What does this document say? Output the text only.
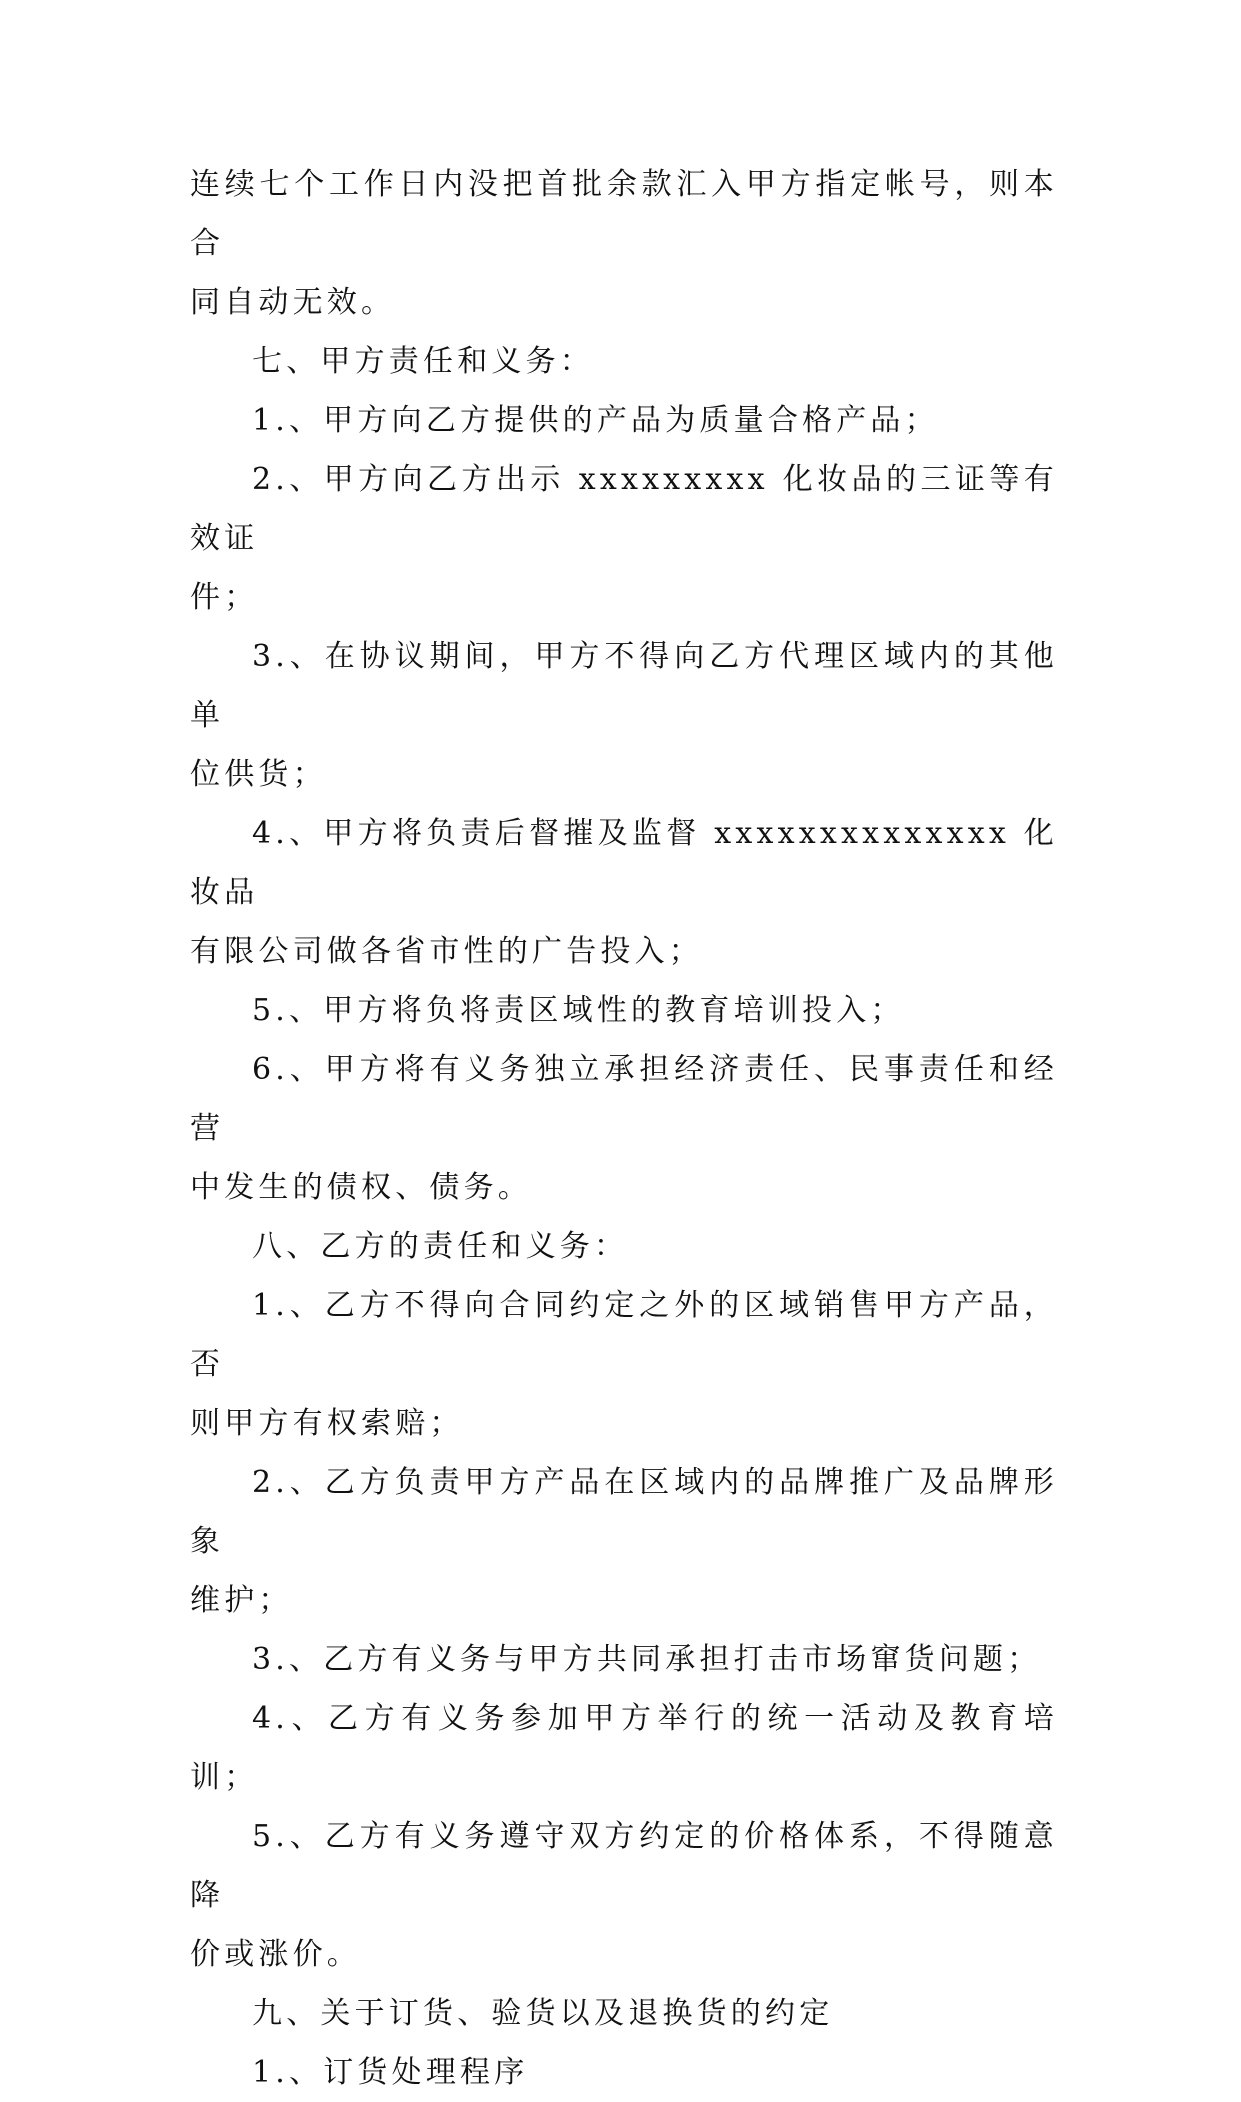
连续七个工作日内没把首批余款汇入甲方指定帐号，则本合
同自动无效。

七、甲方责任和义务：

1.、甲方向乙方提供的产品为质量合格产品；

2.、甲方向乙方出示 xxxxxxxxx 化妆品的三证等有效证
件；

3.、在协议期间，甲方不得向乙方代理区域内的其他单
位供货；

4.、甲方将负责后督摧及监督 xxxxxxxxxxxxxx 化妆品
有限公司做各省市性的广告投入；

5.、甲方将负将责区域性的教育培训投入；

6.、甲方将有义务独立承担经济责任、民事责任和经营
中发生的债权、债务。

八、乙方的责任和义务：

1.、乙方不得向合同约定之外的区域销售甲方产品，否
则甲方有权索赔；

2.、乙方负责甲方产品在区域内的品牌推广及品牌形象
维护；

3.、乙方有义务与甲方共同承担打击市场窜货问题；

4.、乙方有义务参加甲方举行的统一活动及教育培训；

5.、乙方有义务遵守双方约定的价格体系，不得随意降
价或涨价。

九、关于订货、验货以及退换货的约定

1.、订货处理程序
